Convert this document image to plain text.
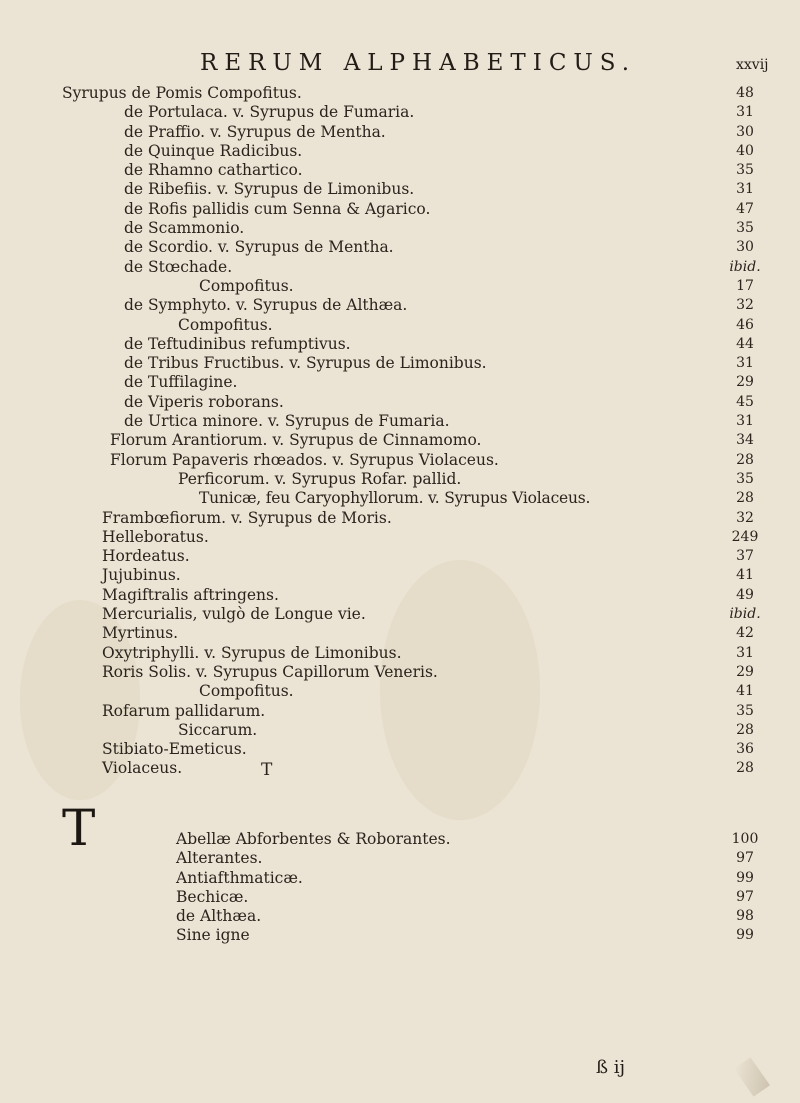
RERUM ALPHABETICUS.	xxvij
Syrupus de Pomis Compofitus.	48
de Portulaca. v. Syrupus de Fumaria.	31
de Praffio. v. Syrupus de Mentha.	30
de Quinque Radicibus.	40
de Rhamno cathartico.	35
de Ribefiis. v. Syrupus de Limonibus.	31
de Rofis pallidis cum Senna & Agarico.	47
de Scammonio.	35
de Scordio. v. Syrupus de Mentha.	30
de Stœchade.	ibid.
Compofitus.	17
de Symphyto. v. Syrupus de Althæa.	32
Compofitus.	46
de Teftudinibus refumptivus.	44
de Tribus Fructibus. v. Syrupus de Limonibus.	31
de Tuffilagine.	29
de Viperis roborans.	45
de Urtica minore. v. Syrupus de Fumaria.	31
Florum Arantiorum. v. Syrupus de Cinnamomo.	34
Florum Papaveris rhœados. v. Syrupus Violaceus.	28
Perficorum. v. Syrupus Rofar. pallid.	35
Tunicæ, feu Caryophyllorum. v. Syrupus Violaceus.	28
Frambœfiorum. v. Syrupus de Moris.	32
Helleboratus.	249
Hordeatus.	37
Jujubinus.	41
Magiftralis aftringens.	49
Mercurialis, vulgò de Longue vie.	ibid.
Myrtinus.	42
Oxytriphylli. v. Syrupus de Limonibus.	31
Roris Solis. v. Syrupus Capillorum Veneris.	29
Compofitus.	41
Rofarum pallidarum.	35
Siccarum.	28
Stibiato-Emeticus.	36
Violaceus.	28
T
T	Abellæ Abforbentes & Roborantes.	100
Alterantes.	97
Antiafthmaticæ.	99
Bechicæ.	97
de Althæa.	98
Sine igne	99
ß ij
